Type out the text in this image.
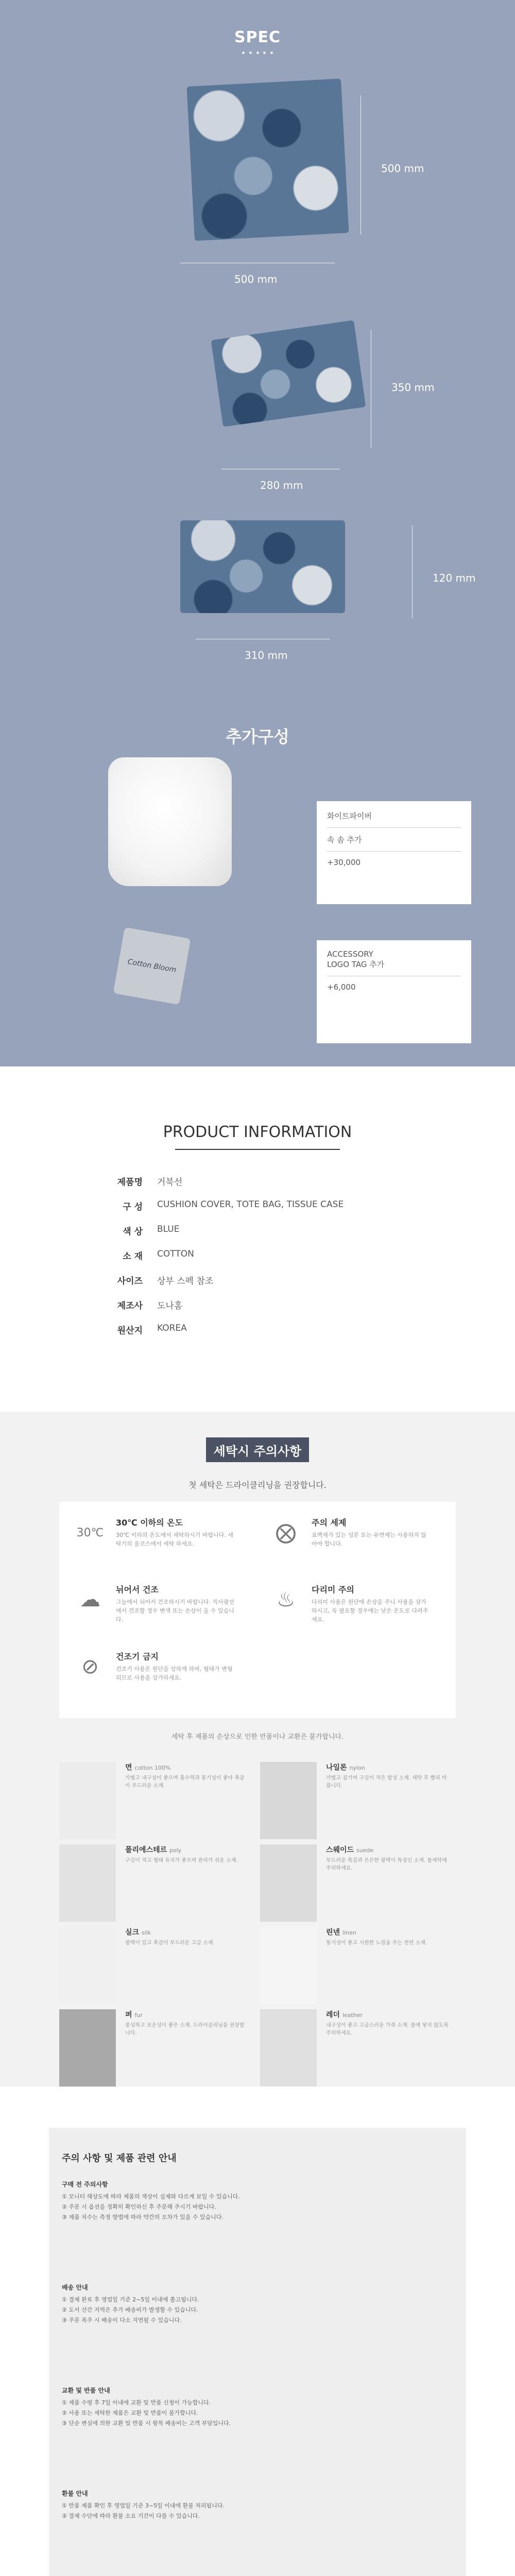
SPEC
500 mm
500 mm
350 mm
280 mm
120 mm
310 mm
추가구성
Cotton Bloom
화이트파이버
속 솜 추가
+30,000
ACCESSORY
LOGO TAG 추가
+6,000
PRODUCT INFORMATION
제품명	거북선
구 성	CUSHION COVER, TOTE BAG, TISSUE CASE
색 상	BLUE
소 재	COTTON
사이즈	상부 스펙 참조
제조사	도나홈
원산지	KOREA
세탁시 주의사항
첫 세탁은 드라이클리닝을 권장합니다.
30℃
30℃ 이하의 온도
30℃ 이하의 온도에서 세탁하시기 바랍니다. 세탁기의 울코스에서 세탁 하세요.	⨂	주의 세제
표백제가 있는 성분 또는 유연제는 사용하지 않아야 합니다.
☁	뉘어서 건조
그늘에서 뉘어서 건조하시기 바랍니다. 직사광선에서 건조할 경우 변색 또는 손상이 올 수 있습니다.
♨	다리미 주의
다리미 사용은 원단에 손상을 주니 사용을 삼가하시고, 꼭 필요할 경우에는 낮은 온도로 다려주세요.
⊘	건조기 금지
건조기 사용은 원단을 상하게 하며, 형태가 변형되므로 사용을 삼가하세요.
세탁 후 제품의 손상으로 인한 반품이나 교환은 불가합니다.
면 cotton 100%
가볍고 내구성이 좋으며 흡수력과 통기성이 좋아 촉감이 부드러운 소재.
나일론 nylon
가볍고 질기며 구김이 적은 합성 소재. 세탁 후 빨리 마릅니다.
폴리에스테르 poly
구김이 적고 형태 유지가 좋으며 관리가 쉬운 소재.
스웨이드 suede
부드러운 촉감과 은은한 광택이 특징인 소재. 물세탁에 주의하세요.
실크 silk
광택이 있고 촉감이 부드러운 고급 소재.
린넨 linen
통기성이 좋고 시원한 느낌을 주는 천연 소재.
퍼 fur
풍성하고 보온성이 좋은 소재. 드라이클리닝을 권장합니다.
레더 leather
내구성이 좋고 고급스러운 가죽 소재. 물에 닿지 않도록 주의하세요.
주의 사항 및 제품 관련 안내
구매 전 주의사항
① 모니터 해상도에 따라 제품의 색상이 실제와 다르게 보일 수 있습니다.
② 주문 시 옵션을 정확히 확인하신 후 주문해 주시기 바랍니다.
③ 제품 치수는 측정 방법에 따라 약간의 오차가 있을 수 있습니다.
배송 안내
① 결제 완료 후 영업일 기준 2~5일 이내에 출고됩니다.
② 도서 산간 지역은 추가 배송비가 발생할 수 있습니다.
③ 주문 폭주 시 배송이 다소 지연될 수 있습니다.
교환 및 반품 안내
① 제품 수령 후 7일 이내에 교환 및 반품 신청이 가능합니다.
② 사용 또는 세탁한 제품은 교환 및 반품이 불가합니다.
③ 단순 변심에 의한 교환 및 반품 시 왕복 배송비는 고객 부담입니다.
환불 안내
① 반품 제품 확인 후 영업일 기준 3~5일 이내에 환불 처리됩니다.
② 결제 수단에 따라 환불 소요 기간이 다를 수 있습니다.
